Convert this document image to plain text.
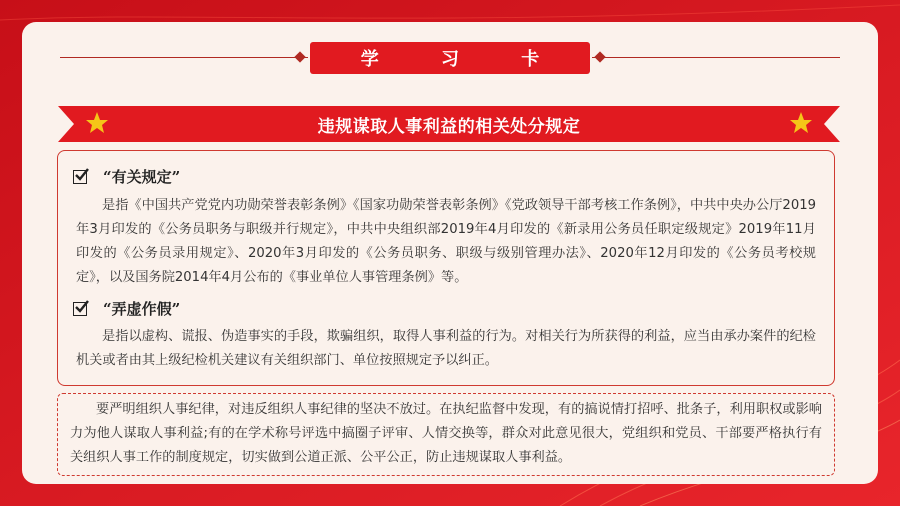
学 习 卡
违规谋取人事利益的相关处分规定
“有关规定”
是指《中国共产党党内功勋荣誉表彰条例》《国家功勋荣誉表彰条例》《党政领导干部考核工作条例》，中共中央办公厅2019年3月印发的《公务员职务与职级并行规定》，中共中央组织部2019年4月印发的《新录用公务员任职定级规定》2019年11月印发的《公务员录用规定》、2020年3月印发的《公务员职务、职级与级别管理办法》、2020年12月印发的《公务员考校规定》，以及国务院2014年4月公布的《事业单位人事管理条例》等。
“弄虚作假”
是指以虚构、谎报、伪造事实的手段，欺骗组织，取得人事利益的行为。对相关行为所获得的利益，应当由承办案件的纪检机关或者由其上级纪检机关建议有关组织部门、单位按照规定予以纠正。
要严明组织人事纪律，对违反组织人事纪律的坚决不放过。在执纪监督中发现，有的搞说情打招呼、批条子，利用职权或影响力为他人谋取人事利益;有的在学术称号评选中搞圈子评审、人情交换等，群众对此意见很大，党组织和党员、干部要严格执行有关组织人事工作的制度规定，切实做到公道正派、公平公正，防止违规谋取人事利益。
